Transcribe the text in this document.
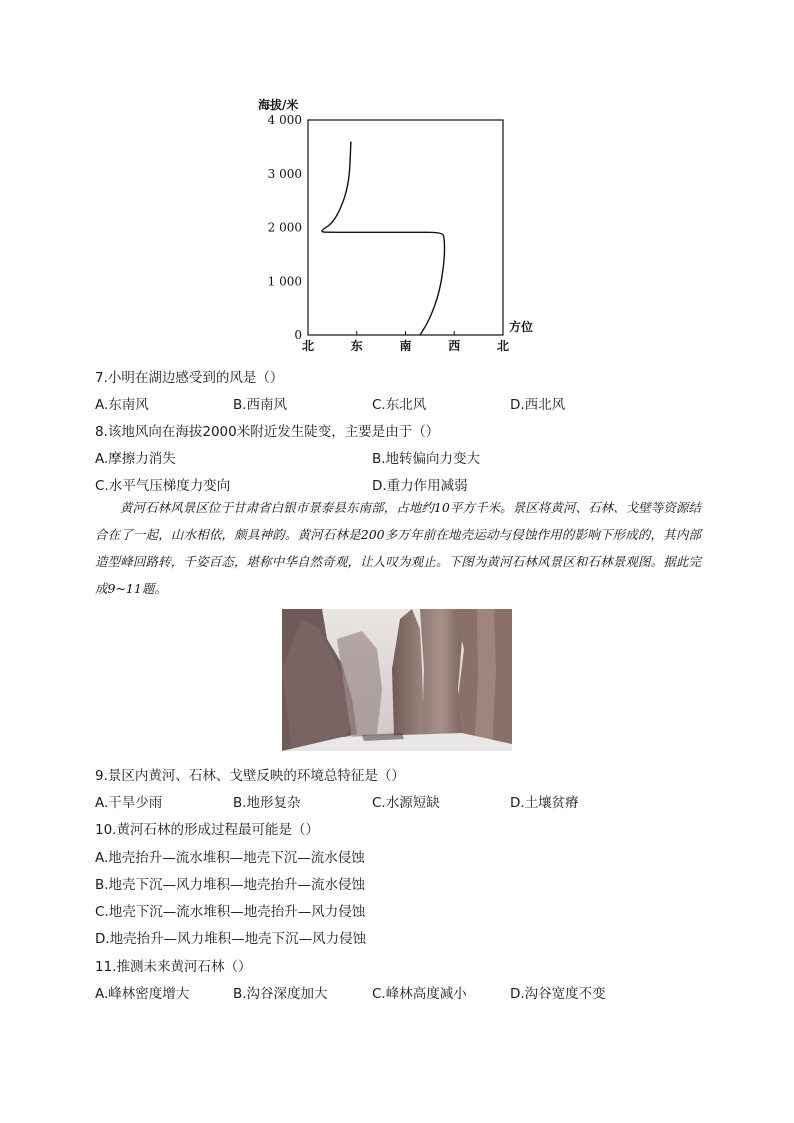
海拔/米
0
1 000
2 000
3 000
4 000
北	东	南	西	北
方位
7.小明在湖边感受到的风是（）
A.东南风	B.西南风	C.东北风	D.西北风
8.该地风向在海拔2000米附近发生陡变，主要是由于（）
A.摩擦力消失	B.地转偏向力变大
C.水平气压梯度力变向	D.重力作用减弱

黄河石林风景区位于甘肃省白银市景泰县东南部，占地约10平方千米。景区将黄河、石林、戈壁等资源结合在了一起，山水相依，颇具神韵。黄河石林是200多万年前在地壳运动与侵蚀作用的影响下形成的，其内部造型峰回路转，千姿百态，堪称中华自然奇观，让人叹为观止。下图为黄河石林风景区和石林景观图。据此完成9~11题。

9.景区内黄河、石林、戈壁反映的环境总特征是（）
A.干旱少雨	B.地形复杂	C.水源短缺	D.土壤贫瘠
10.黄河石林的形成过程最可能是（）
A.地壳抬升—流水堆积—地壳下沉—流水侵蚀
B.地壳下沉—风力堆积—地壳抬升—流水侵蚀
C.地壳下沉—流水堆积—地壳抬升—风力侵蚀
D.地壳抬升—风力堆积—地壳下沉—风力侵蚀
11.推测未来黄河石林（）
A.峰林密度增大	B.沟谷深度加大	C.峰林高度减小	D.沟谷宽度不变
